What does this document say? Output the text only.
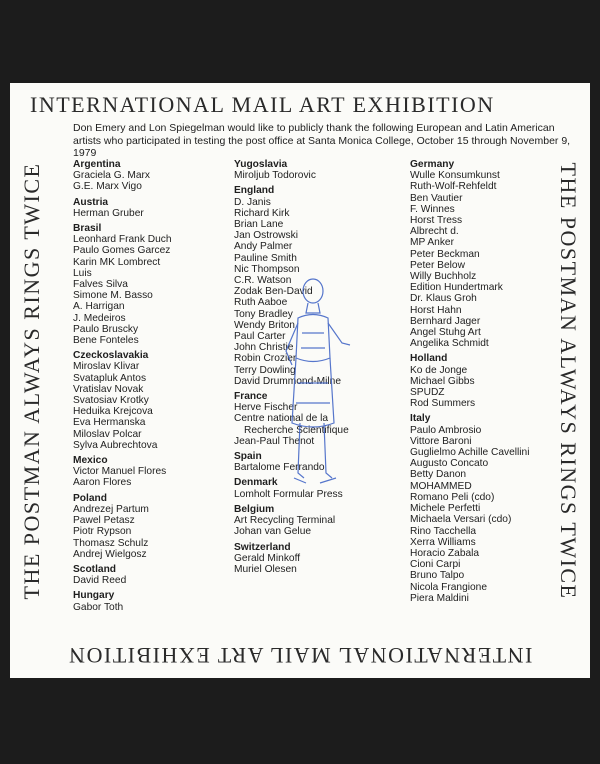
INTERNATIONAL MAIL ART EXHIBITION
INTERNATIONAL MAIL ART EXHIBITION
THE POSTMAN ALWAYS RINGS TWICE	THE POSTMAN ALWAYS RINGS TWICE
Don Emery and Lon Spiegelman would like to publicly thank the following European and Latin American artists who participated in testing the post office at Santa Monica College, October 15 through November 9, 1979
Argentina
Graciela G. Marx
G.E. Marx Vigo
Austria
Herman Gruber
Brasil
Leonhard Frank Duch
Paulo Gomes Garcez
Karin MK Lombrect
Luis
Falves Silva
Simone M. Basso
A. Harrigan
J. Medeiros
Paulo Bruscky
Bene Fonteles
Czeckoslavakia
Miroslav Klivar
Svatapluk Antos
Vratislav Novak
Svatosiav Krotky
Heduika Krejcova
Eva Hermanska
Miloslav Polcar
Sylva Aubrechtova
Mexico
Victor Manuel Flores
Aaron Flores
Poland
Andrezej Partum
Pawel Petasz
Piotr Rypson
Thomasz Schulz
Andrej Wielgosz
Scotland
David Reed
Hungary
Gabor Toth
Yugoslavia
Miroljub Todorovic
England
D. Janis
Richard Kirk
Brian Lane
Jan Ostrowski
Andy Palmer
Pauline Smith
Nic Thompson
C.R. Watson
Zodak Ben-David
Ruth Aaboe
Tony Bradley
Wendy Briton
Paul Carter
John Christie
Robin Crozier
Terry Dowling
David Drummond-Milne
France
Herve Fischer
Centre national de la
Recherche Scientifique
Jean-Paul Thenot
Spain
Bartalome Ferrando
Denmark
Lomholt Formular Press
Belgium
Art Recycling Terminal
Johan van Gelue
Switzerland
Gerald Minkoff
Muriel Olesen
Germany
Wulle Konsumkunst
Ruth-Wolf-Rehfeldt
Ben Vautier
F. Winnes
Horst Tress
Albrecht d.
MP Anker
Peter Beckman
Peter Below
Willy Buchholz
Edition Hundertmark
Dr. Klaus Groh
Horst Hahn
Bernhard Jager
Angel Stuhg Art
Angelika Schmidt
Holland
Ko de Jonge
Michael Gibbs
SPUDZ
Rod Summers
Italy
Paulo Ambrosio
Vittore Baroni
Guglielmo Achille Cavellini
Augusto Concato
Betty Danon
MOHAMMED
Romano Peli (cdo)
Michele Perfetti
Michaela Versari (cdo)
Rino Tacchella
Xerra Williams
Horacio Zabala
Cioni Carpi
Bruno Talpo
Nicola Frangione
Piera Maldini
